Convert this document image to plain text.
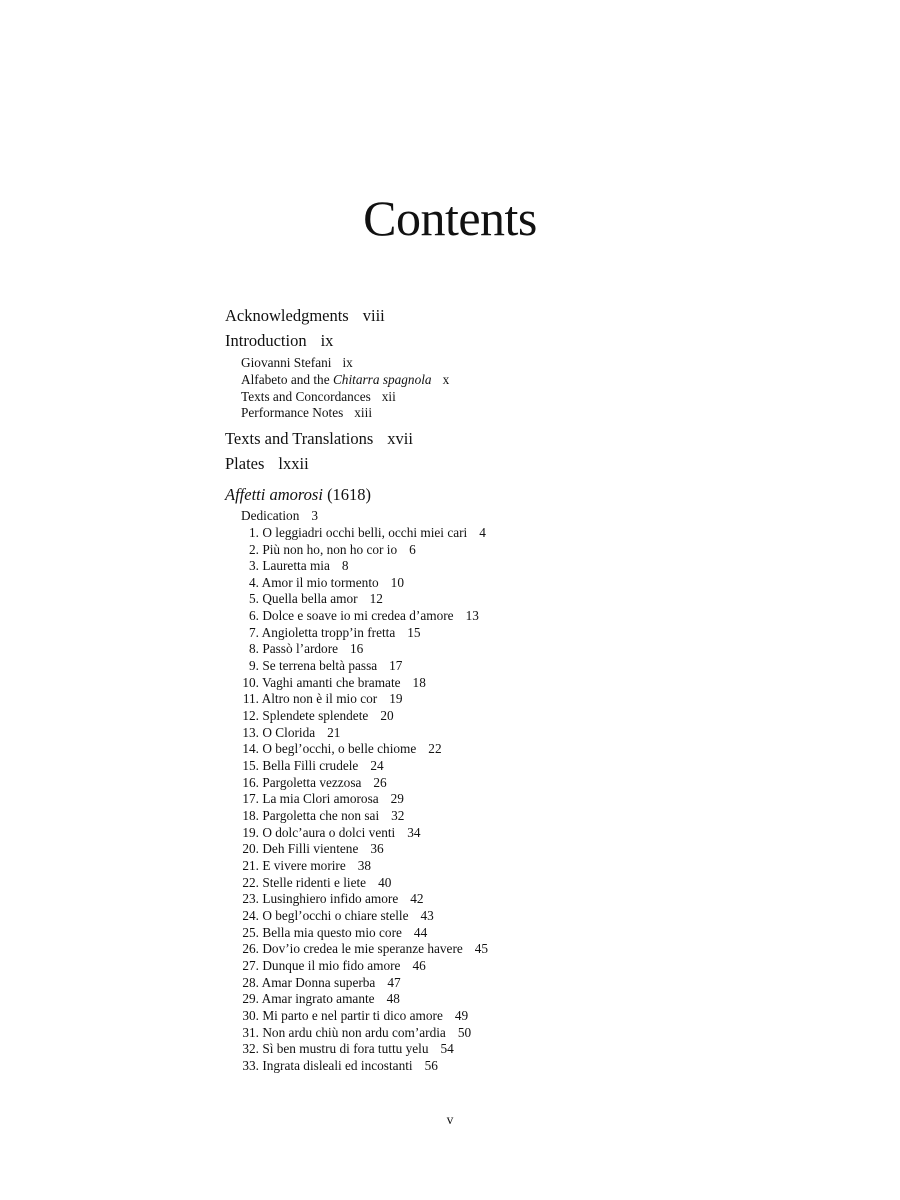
Contents
Acknowledgments viii
Introduction ix
Giovanni Stefani ix
Alfabeto and the Chitarra spagnola x
Texts and Concordances xii
Performance Notes xiii
Texts and Translations xvii
Plates lxxii
Affetti amorosi (1618)
Dedication 3
1. O leggiadri occhi belli, occhi miei cari 4
2. Più non ho, non ho cor io 6
3. Lauretta mia 8
4. Amor il mio tormento 10
5. Quella bella amor 12
6. Dolce e soave io mi credea d’amore 13
7. Angioletta tropp’in fretta 15
8. Passò l’ardore 16
9. Se terrena beltà passa 17
10. Vaghi amanti che bramate 18
11. Altro non è il mio cor 19
12. Splendete splendete 20
13. O Clorida 21
14. O begl’occhi, o belle chiome 22
15. Bella Filli crudele 24
16. Pargoletta vezzosa 26
17. La mia Clori amorosa 29
18. Pargoletta che non sai 32
19. O dolc’aura o dolci venti 34
20. Deh Filli vientene 36
21. E vivere morire 38
22. Stelle ridenti e liete 40
23. Lusinghiero infido amore 42
24. O begl’occhi o chiare stelle 43
25. Bella mia questo mio core 44
26. Dov’io credea le mie speranze havere 45
27. Dunque il mio fido amore 46
28. Amar Donna superba 47
29. Amar ingrato amante 48
30. Mi parto e nel partir ti dico amore 49
31. Non ardu chiù non ardu com’ardia 50
32. Sì ben mustru di fora tuttu yelu 54
33. Ingrata disleali ed incostanti 56
v
